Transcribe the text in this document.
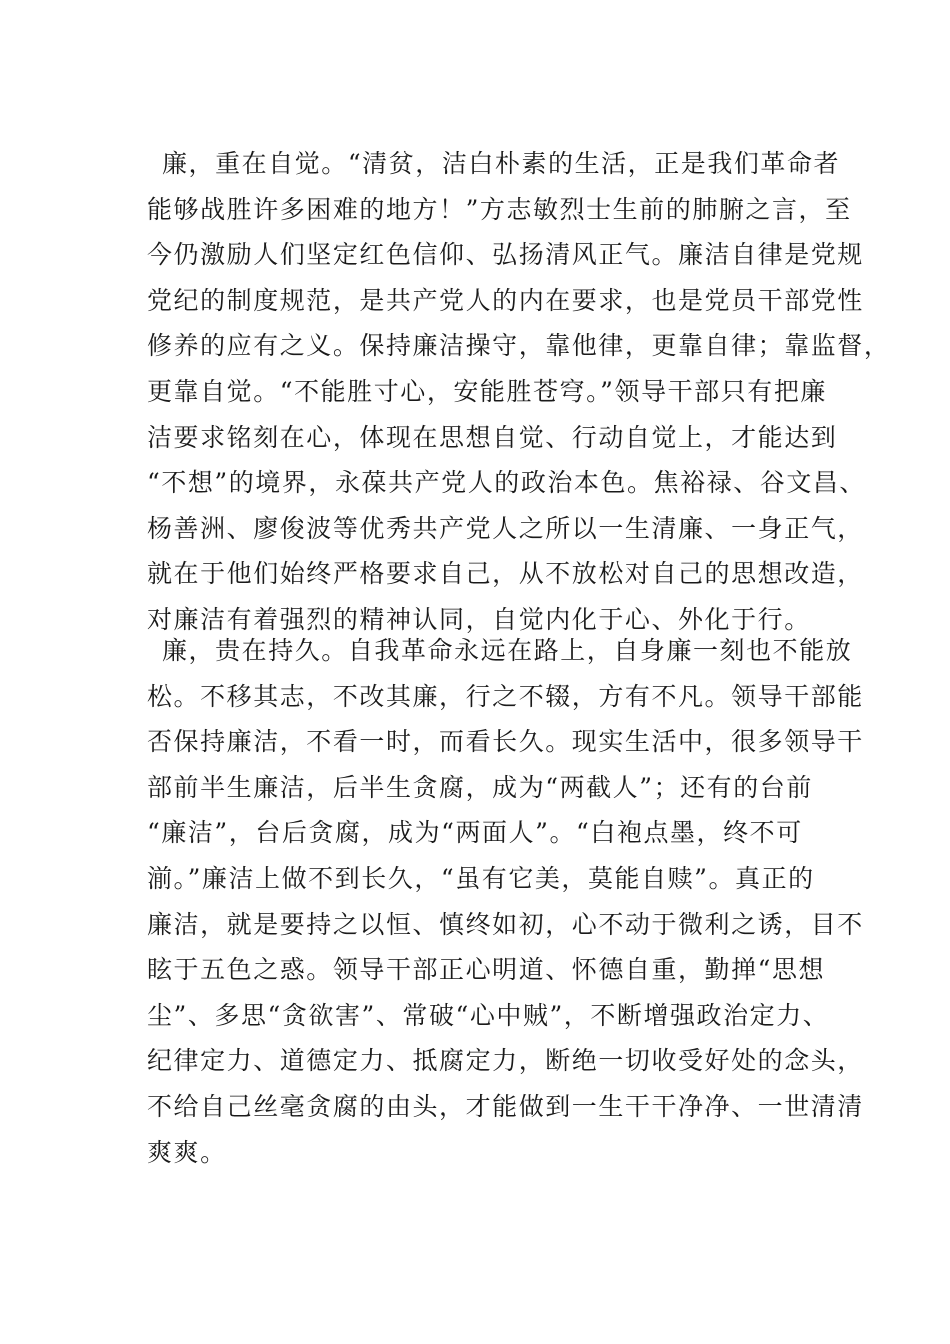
廉，重在自觉。“清贫，洁白朴素的生活，正是我们革命者
能够战胜许多困难的地方！”方志敏烈士生前的肺腑之言，至
今仍激励人们坚定红色信仰、弘扬清风正气。廉洁自律是党规
党纪的制度规范，是共产党人的内在要求，也是党员干部党性
修养的应有之义。保持廉洁操守，靠他律，更靠自律；靠监督，
更靠自觉。“不能胜寸心，安能胜苍穹。”领导干部只有把廉
洁要求铭刻在心，体现在思想自觉、行动自觉上，才能达到
“不想”的境界，永葆共产党人的政治本色。焦裕禄、谷文昌、
杨善洲、廖俊波等优秀共产党人之所以一生清廉、一身正气，
就在于他们始终严格要求自己，从不放松对自己的思想改造，
对廉洁有着强烈的精神认同，自觉内化于心、外化于行。

廉，贵在持久。自我革命永远在路上，自身廉一刻也不能放
松。不移其志，不改其廉，行之不辍，方有不凡。领导干部能
否保持廉洁，不看一时，而看长久。现实生活中，很多领导干
部前半生廉洁，后半生贪腐，成为“两截人”；还有的台前
“廉洁”，台后贪腐，成为“两面人”。“白袍点墨，终不可
湔。”廉洁上做不到长久，“虽有它美，莫能自赎”。真正的
廉洁，就是要持之以恒、慎终如初，心不动于微利之诱，目不
眩于五色之惑。领导干部正心明道、怀德自重，勤掸“思想
尘”、多思“贪欲害”、常破“心中贼”，不断增强政治定力、
纪律定力、道德定力、抵腐定力，断绝一切收受好处的念头，
不给自己丝毫贪腐的由头，才能做到一生干干净净、一世清清
爽爽。
